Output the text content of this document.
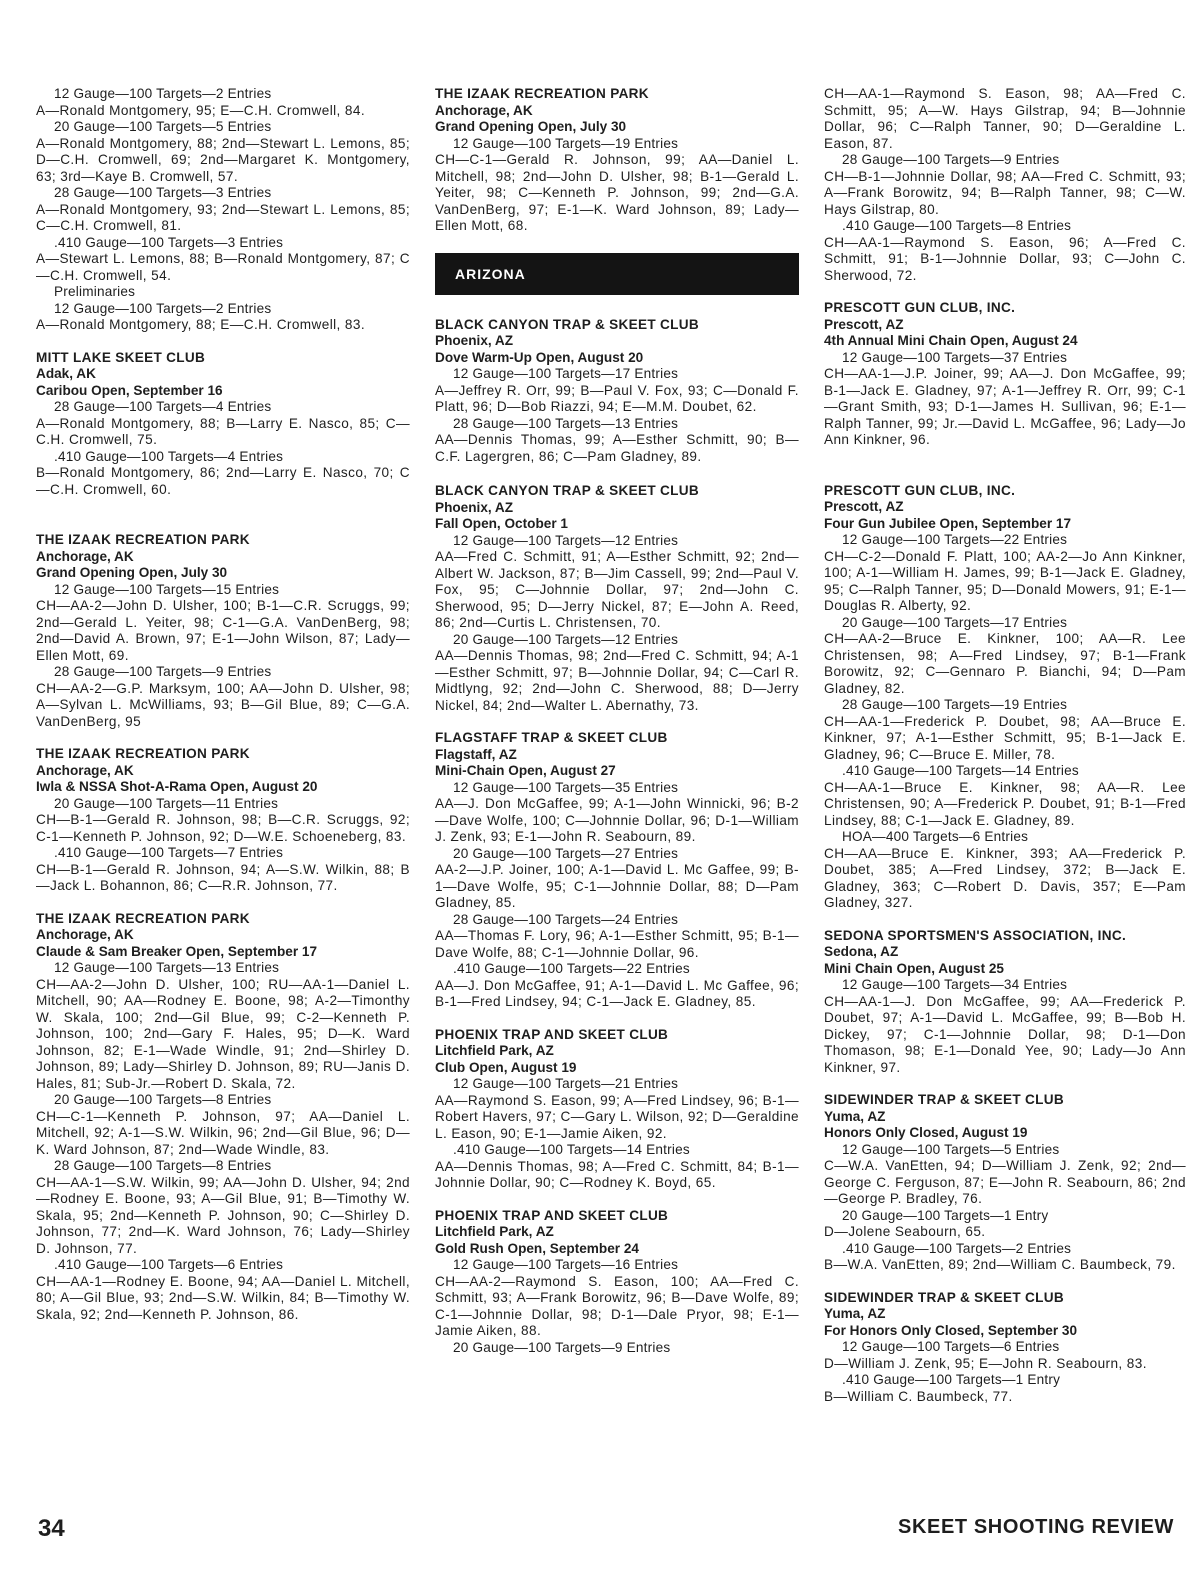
12 Gauge—100 Targets—2 Entries
A—Ronald Montgomery, 95; E—C.H. Cromwell, 84.
20 Gauge—100 Targets—5 Entries
A—Ronald Montgomery, 88; 2nd—Stewart L. Lemons, 85; D—C.H. Cromwell, 69; 2nd—Margaret K. Montgomery, 63; 3rd—Kaye B. Cromwell, 57.
28 Gauge—100 Targets—3 Entries
A—Ronald Montgomery, 93; 2nd—Stewart L. Lemons, 85; C—C.H. Cromwell, 81.
.410 Gauge—100 Targets—3 Entries
A—Stewart L. Lemons, 88; B—Ronald Montgomery, 87; C—C.H. Cromwell, 54.
Preliminaries
12 Gauge—100 Targets—2 Entries
A—Ronald Montgomery, 88; E—C.H. Cromwell, 83.
MITT LAKE SKEET CLUB
Adak, AK
Caribou Open, September 16
28 Gauge—100 Targets—4 Entries
A—Ronald Montgomery, 88; B—Larry E. Nasco, 85; C—C.H. Cromwell, 75.
.410 Gauge—100 Targets—4 Entries
B—Ronald Montgomery, 86; 2nd—Larry E. Nasco, 70; C—C.H. Cromwell, 60.
THE IZAAK RECREATION PARK
Anchorage, AK
Grand Opening Open, July 30
12 Gauge—100 Targets—15 Entries
CH—AA-2—John D. Ulsher, 100; B-1—C.R. Scruggs, 99; 2nd—Gerald L. Yeiter, 98; C-1—G.A. VanDenBerg, 98; 2nd—David A. Brown, 97; E-1—John Wilson, 87; Lady—Ellen Mott, 69.
28 Gauge—100 Targets—9 Entries
CH—AA-2—G.P. Marksym, 100; AA—John D. Ulsher, 98; A—Sylvan L. McWilliams, 93; B—Gil Blue, 89; C—G.A. VanDenBerg, 95
THE IZAAK RECREATION PARK
Anchorage, AK
Iwla & NSSA Shot-A-Rama Open, August 20
20 Gauge—100 Targets—11 Entries
CH—B-1—Gerald R. Johnson, 98; B—C.R. Scruggs, 92; C-1—Kenneth P. Johnson, 92; D—W.E. Schoeneberg, 83.
.410 Gauge—100 Targets—7 Entries
CH—B-1—Gerald R. Johnson, 94; A—S.W. Wilkin, 88; B—Jack L. Bohannon, 86; C—R.R. Johnson, 77.
THE IZAAK RECREATION PARK
Anchorage, AK
Claude & Sam Breaker Open, September 17
12 Gauge—100 Targets—13 Entries
CH—AA-2—John D. Ulsher, 100; RU—AA-1—Daniel L. Mitchell, 90; AA—Rodney E. Boone, 98; A-2—Timonthy W. Skala, 100; 2nd—Gil Blue, 99; C-2—Kenneth P. Johnson, 100; 2nd—Gary F. Hales, 95; D—K. Ward Johnson, 82; E-1—Wade Windle, 91; 2nd—Shirley D. Johnson, 89; Lady—Shirley D. Johnson, 89; RU—Janis D. Hales, 81; Sub-Jr.—Robert D. Skala, 72.
20 Gauge—100 Targets—8 Entries
CH—C-1—Kenneth P. Johnson, 97; AA—Daniel L. Mitchell, 92; A-1—S.W. Wilkin, 96; 2nd—Gil Blue, 96; D—K. Ward Johnson, 87; 2nd—Wade Windle, 83.
28 Gauge—100 Targets—8 Entries
CH—AA-1—S.W. Wilkin, 99; AA—John D. Ulsher, 94; 2nd—Rodney E. Boone, 93; A—Gil Blue, 91; B—Timothy W. Skala, 95; 2nd—Kenneth P. Johnson, 90; C—Shirley D. Johnson, 77; 2nd—K. Ward Johnson, 76; Lady—Shirley D. Johnson, 77.
.410 Gauge—100 Targets—6 Entries
CH—AA-1—Rodney E. Boone, 94; AA—Daniel L. Mitchell, 80; A—Gil Blue, 93; 2nd—S.W. Wilkin, 84; B—Timothy W. Skala, 92; 2nd—Kenneth P. Johnson, 86.
THE IZAAK RECREATION PARK
Anchorage, AK
Grand Opening Open, July 30
12 Gauge—100 Targets—19 Entries
CH—C-1—Gerald R. Johnson, 99; AA—Daniel L. Mitchell, 98; 2nd—John D. Ulsher, 98; B-1—Gerald L. Yeiter, 98; C—Kenneth P. Johnson, 99; 2nd—G.A. VanDenBerg, 97; E-1—K. Ward Johnson, 89; Lady—Ellen Mott, 68.
ARIZONA
BLACK CANYON TRAP & SKEET CLUB
Phoenix, AZ
Dove Warm-Up Open, August 20
12 Gauge—100 Targets—17 Entries
A—Jeffrey R. Orr, 99; B—Paul V. Fox, 93; C—Donald F. Platt, 96; D—Bob Riazzi, 94; E—M.M. Doubet, 62.
28 Gauge—100 Targets—13 Entries
AA—Dennis Thomas, 99; A—Esther Schmitt, 90; B—C.F. Lagergren, 86; C—Pam Gladney, 89.
BLACK CANYON TRAP & SKEET CLUB
Phoenix, AZ
Fall Open, October 1
12 Gauge—100 Targets—12 Entries
AA—Fred C. Schmitt, 91; A—Esther Schmitt, 92; 2nd—Albert W. Jackson, 87; B—Jim Cassell, 99; 2nd—Paul V. Fox, 95; C—Johnnie Dollar, 97; 2nd—John C. Sherwood, 95; D—Jerry Nickel, 87; E—John A. Reed, 86; 2nd—Curtis L. Christensen, 70.
20 Gauge—100 Targets—12 Entries
AA—Dennis Thomas, 98; 2nd—Fred C. Schmitt, 94; A-1—Esther Schmitt, 97; B—Johnnie Dollar, 94; C—Carl R. Midtlyng, 92; 2nd—John C. Sherwood, 88; D—Jerry Nickel, 84; 2nd—Walter L. Abernathy, 73.
FLAGSTAFF TRAP & SKEET CLUB
Flagstaff, AZ
Mini-Chain Open, August 27
12 Gauge—100 Targets—35 Entries
AA—J. Don McGaffee, 99; A-1—John Winnicki, 96; B-2—Dave Wolfe, 100; C—Johnnie Dollar, 96; D-1—William J. Zenk, 93; E-1—John R. Seabourn, 89.
20 Gauge—100 Targets—27 Entries
AA-2—J.P. Joiner, 100; A-1—David L. Mc Gaffee, 99; B-1—Dave Wolfe, 95; C-1—Johnnie Dollar, 88; D—Pam Gladney, 85.
28 Gauge—100 Targets—24 Entries
AA—Thomas F. Lory, 96; A-1—Esther Schmitt, 95; B-1—Dave Wolfe, 88; C-1—Johnnie Dollar, 96.
.410 Gauge—100 Targets—22 Entries
AA—J. Don McGaffee, 91; A-1—David L. Mc Gaffee, 96; B-1—Fred Lindsey, 94; C-1—Jack E. Gladney, 85.
PHOENIX TRAP AND SKEET CLUB
Litchfield Park, AZ
Club Open, August 19
12 Gauge—100 Targets—21 Entries
AA—Raymond S. Eason, 99; A—Fred Lindsey, 96; B-1—Robert Havers, 97; C—Gary L. Wilson, 92; D—Geraldine L. Eason, 90; E-1—Jamie Aiken, 92.
.410 Gauge—100 Targets—14 Entries
AA—Dennis Thomas, 98; A—Fred C. Schmitt, 84; B-1—Johnnie Dollar, 90; C—Rodney K. Boyd, 65.
PHOENIX TRAP AND SKEET CLUB
Litchfield Park, AZ
Gold Rush Open, September 24
12 Gauge—100 Targets—16 Entries
CH—AA-2—Raymond S. Eason, 100; AA—Fred C. Schmitt, 93; A—Frank Borowitz, 96; B—Dave Wolfe, 89; C-1—Johnnie Dollar, 98; D-1—Dale Pryor, 98; E-1—Jamie Aiken, 88.
20 Gauge—100 Targets—9 Entries
CH—AA-1—Raymond S. Eason, 98; AA—Fred C. Schmitt, 95; A—W. Hays Gilstrap, 94; B—Johnnie Dollar, 96; C—Ralph Tanner, 90; D—Geraldine L. Eason, 87.
28 Gauge—100 Targets—9 Entries
CH—B-1—Johnnie Dollar, 98; AA—Fred C. Schmitt, 93; A—Frank Borowitz, 94; B—Ralph Tanner, 98; C—W. Hays Gilstrap, 80.
.410 Gauge—100 Targets—8 Entries
CH—AA-1—Raymond S. Eason, 96; A—Fred C. Schmitt, 91; B-1—Johnnie Dollar, 93; C—John C. Sherwood, 72.
PRESCOTT GUN CLUB, INC.
Prescott, AZ
4th Annual Mini Chain Open, August 24
12 Gauge—100 Targets—37 Entries
CH—AA-1—J.P. Joiner, 99; AA—J. Don McGaffee, 99; B-1—Jack E. Gladney, 97; A-1—Jeffrey R. Orr, 99; C-1—Grant Smith, 93; D-1—James H. Sullivan, 96; E-1—Ralph Tanner, 99; Jr.—David L. McGaffee, 96; Lady—Jo Ann Kinkner, 96.
PRESCOTT GUN CLUB, INC.
Prescott, AZ
Four Gun Jubilee Open, September 17
12 Gauge—100 Targets—22 Entries
CH—C-2—Donald F. Platt, 100; AA-2—Jo Ann Kinkner, 100; A-1—William H. James, 99; B-1—Jack E. Gladney, 95; C—Ralph Tanner, 95; D—Donald Mowers, 91; E-1—Douglas R. Alberty, 92.
20 Gauge—100 Targets—17 Entries
CH—AA-2—Bruce E. Kinkner, 100; AA—R. Lee Christensen, 98; A—Fred Lindsey, 97; B-1—Frank Borowitz, 92; C—Gennaro P. Bianchi, 94; D—Pam Gladney, 82.
28 Gauge—100 Targets—19 Entries
CH—AA-1—Frederick P. Doubet, 98; AA—Bruce E. Kinkner, 97; A-1—Esther Schmitt, 95; B-1—Jack E. Gladney, 96; C—Bruce E. Miller, 78.
.410 Gauge—100 Targets—14 Entries
CH—AA-1—Bruce E. Kinkner, 98; AA—R. Lee Christensen, 90; A—Frederick P. Doubet, 91; B-1—Fred Lindsey, 88; C-1—Jack E. Gladney, 89.
HOA—400 Targets—6 Entries
CH—AA—Bruce E. Kinkner, 393; AA—Frederick P. Doubet, 385; A—Fred Lindsey, 372; B—Jack E. Gladney, 363; C—Robert D. Davis, 357; E—Pam Gladney, 327.
SEDONA SPORTSMEN'S ASSOCIATION, INC.
Sedona, AZ
Mini Chain Open, August 25
12 Gauge—100 Targets—34 Entries
CH—AA-1—J. Don McGaffee, 99; AA—Frederick P. Doubet, 97; A-1—David L. McGaffee, 99; B—Bob H. Dickey, 97; C-1—Johnnie Dollar, 98; D-1—Don Thomason, 98; E-1—Donald Yee, 90; Lady—Jo Ann Kinkner, 97.
SIDEWINDER TRAP & SKEET CLUB
Yuma, AZ
Honors Only Closed, August 19
12 Gauge—100 Targets—5 Entries
C—W.A. VanEtten, 94; D—William J. Zenk, 92; 2nd—George C. Ferguson, 87; E—John R. Seabourn, 86; 2nd—George P. Bradley, 76.
20 Gauge—100 Targets—1 Entry
D—Jolene Seabourn, 65.
.410 Gauge—100 Targets—2 Entries
B—W.A. VanEtten, 89; 2nd—William C. Baumbeck, 79.
SIDEWINDER TRAP & SKEET CLUB
Yuma, AZ
For Honors Only Closed, September 30
12 Gauge—100 Targets—6 Entries
D—William J. Zenk, 95; E—John R. Seabourn, 83.
.410 Gauge—100 Targets—1 Entry
B—William C. Baumbeck, 77.
34	SKEET SHOOTING REVIEW
